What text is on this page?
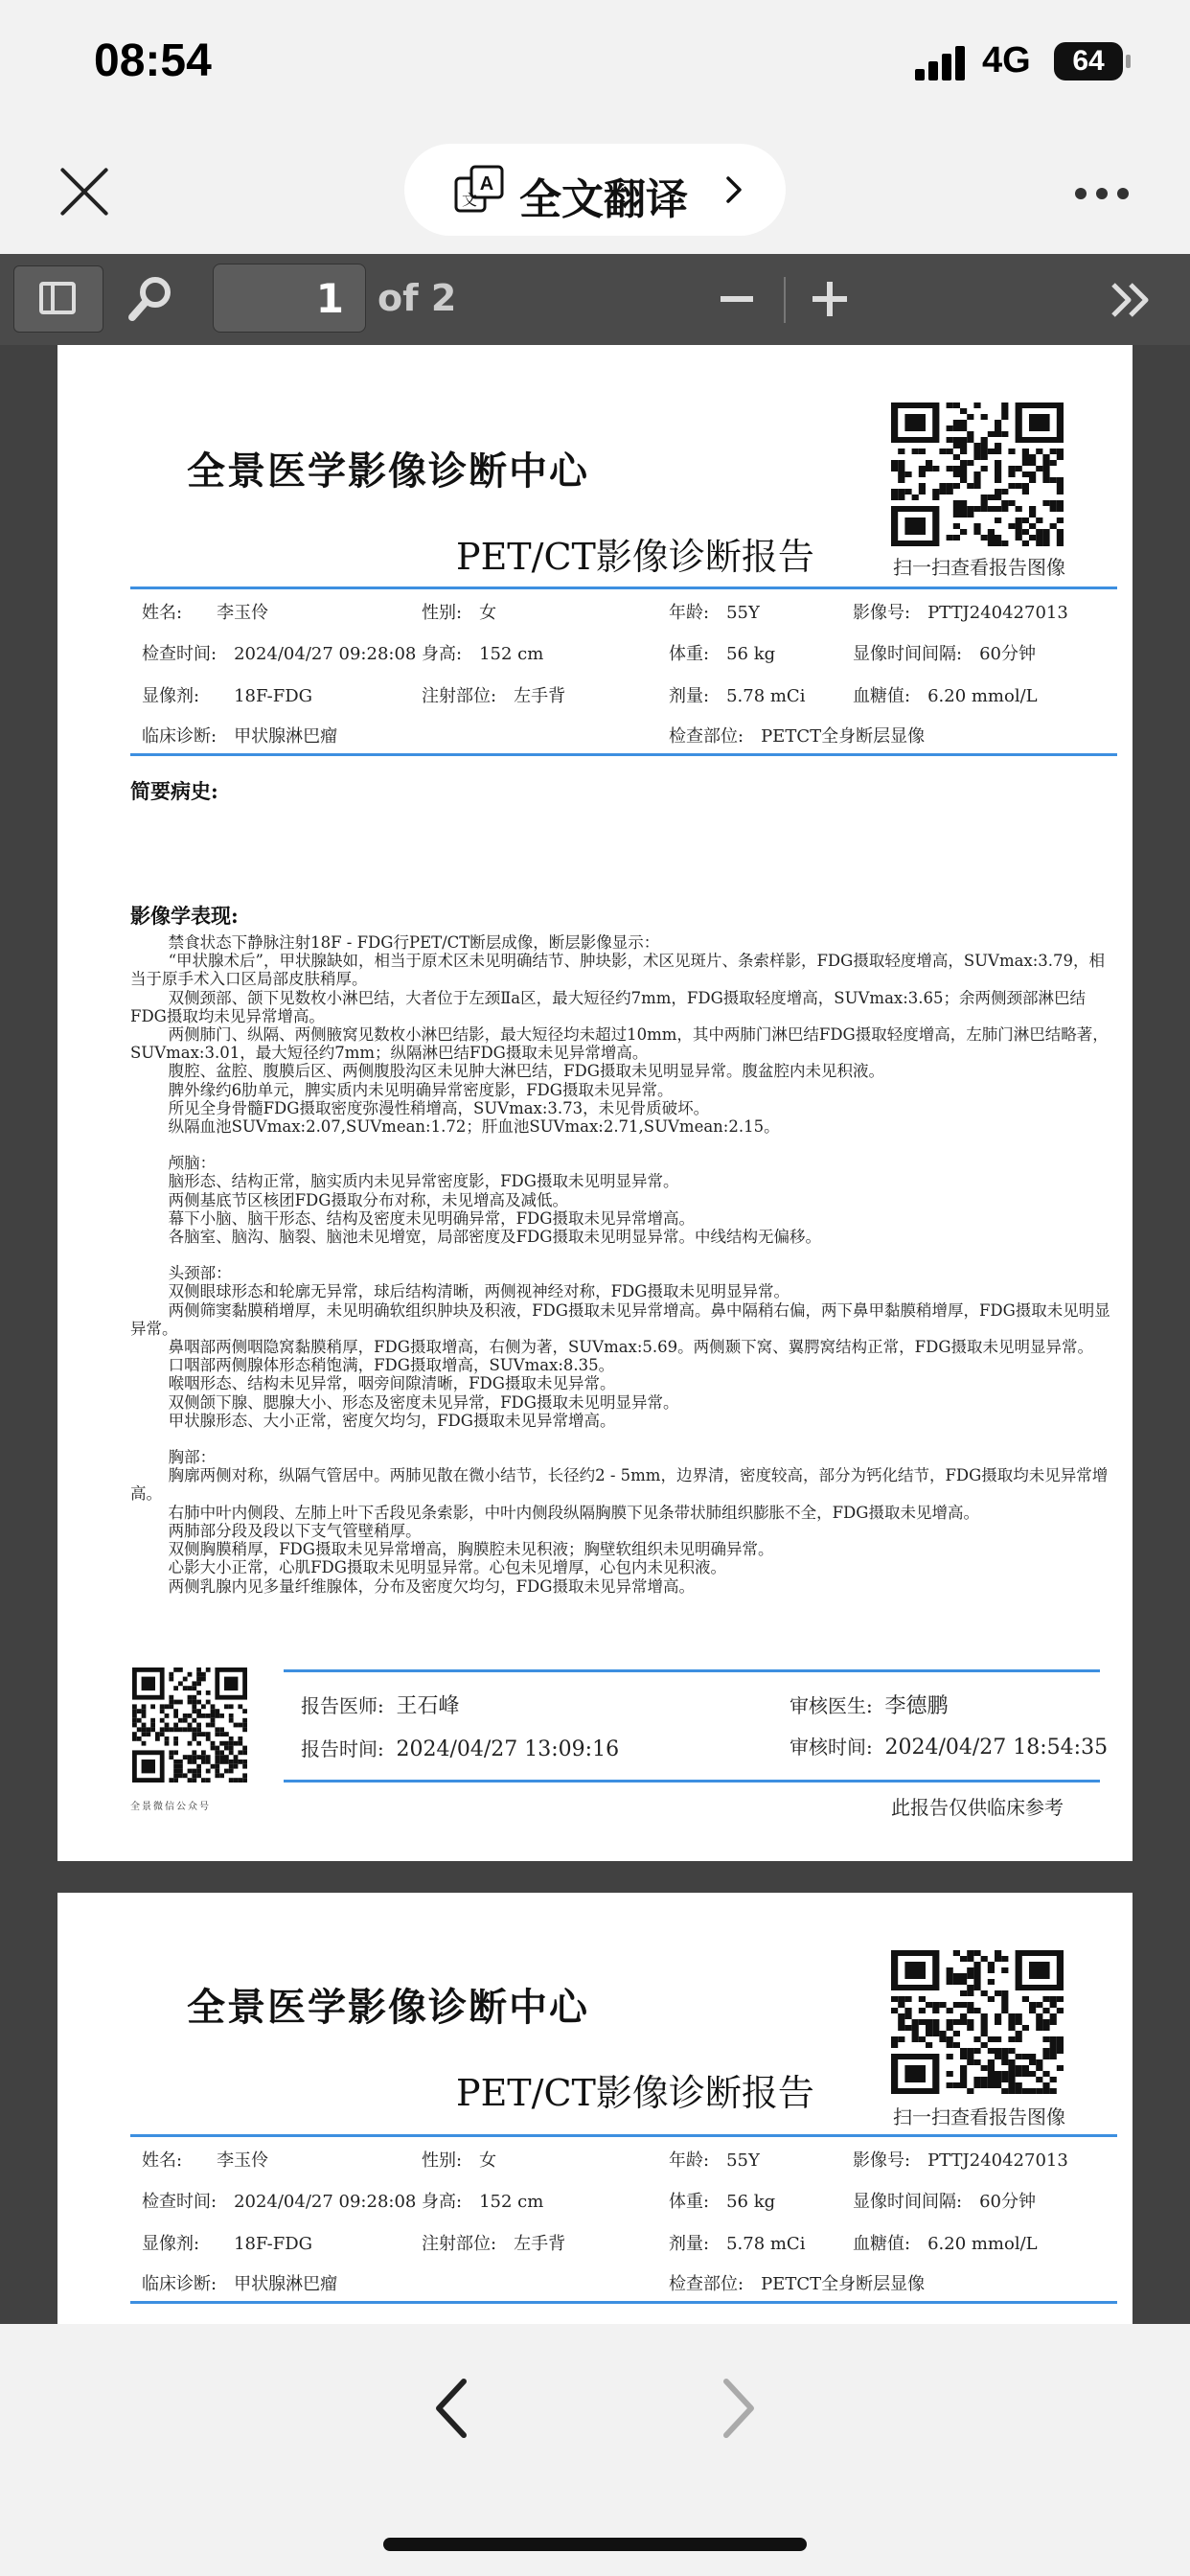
08:54	4G	64
A
文 全文翻译
1 of 2
全景医学影像诊断中心
PET/CT影像诊断报告	扫一扫查看报告图像
姓名:　　李玉伶	性别:　女	年龄:　55Y	影像号:　PTTJ240427013
检查时间:　2024/04/27 09:28:08 身高:　152 cm	体重:　56 kg	显像时间间隔:　60分钟
显像剂:　　18F-FDG	注射部位:　左手背	剂量:　5.78 mCi	血糖值:　6.20 mmol/L
临床诊断:　甲状腺淋巴瘤	检查部位:　PETCT全身断层显像
简要病史:
影像学表现:

禁食状态下静脉注射18F - FDG行PET/CT断层成像，断层影像显示：

“甲状腺术后”，甲状腺缺如，相当于原术区未见明确结节、肿块影，术区见斑片、条索样影，FDG摄取轻度增高，SUVmax:3.79，相当于原手术入口区局部皮肤稍厚。

双侧颈部、颌下见数枚小淋巴结，大者位于左颈Ⅱa区，最大短径约7mm，FDG摄取轻度增高，SUVmax:3.65；余两侧颈部淋巴结FDG摄取均未见异常增高。

两侧肺门、纵隔、两侧腋窝见数枚小淋巴结影，最大短径均未超过10mm，其中两肺门淋巴结FDG摄取轻度增高，左肺门淋巴结略著，SUVmax:3.01，最大短径约7mm；纵隔淋巴结FDG摄取未见异常增高。

腹腔、盆腔、腹膜后区、两侧腹股沟区未见肿大淋巴结，FDG摄取未见明显异常。腹盆腔内未见积液。

脾外缘约6肋单元，脾实质内未见明确异常密度影，FDG摄取未见异常。

所见全身骨髓FDG摄取密度弥漫性稍增高，SUVmax:3.73，未见骨质破坏。

纵隔血池SUVmax:2.07,SUVmean:1.72；肝血池SUVmax:2.71,SUVmean:2.15。

颅脑：

脑形态、结构正常，脑实质内未见异常密度影，FDG摄取未见明显异常。

两侧基底节区核团FDG摄取分布对称，未见增高及减低。

幕下小脑、脑干形态、结构及密度未见明确异常，FDG摄取未见异常增高。

各脑室、脑沟、脑裂、脑池未见增宽，局部密度及FDG摄取未见明显异常。中线结构无偏移。

头颈部：

双侧眼球形态和轮廓无异常，球后结构清晰，两侧视神经对称，FDG摄取未见明显异常。

两侧筛窦黏膜稍增厚，未见明确软组织肿块及积液，FDG摄取未见异常增高。鼻中隔稍右偏，两下鼻甲黏膜稍增厚，FDG摄取未见明显异常。

鼻咽部两侧咽隐窝黏膜稍厚，FDG摄取增高，右侧为著，SUVmax:5.69。两侧颞下窝、翼腭窝结构正常，FDG摄取未见明显异常。

口咽部两侧腺体形态稍饱满，FDG摄取增高，SUVmax:8.35。

喉咽形态、结构未见异常，咽旁间隙清晰，FDG摄取未见异常。

双侧颌下腺、腮腺大小、形态及密度未见异常，FDG摄取未见明显异常。

甲状腺形态、大小正常，密度欠均匀，FDG摄取未见异常增高。

胸部：

胸廓两侧对称，纵隔气管居中。两肺见散在微小结节，长径约2 - 5mm，边界清，密度较高，部分为钙化结节，FDG摄取均未见异常增高。

右肺中叶内侧段、左肺上叶下舌段见条索影，中叶内侧段纵隔胸膜下见条带状肺组织膨胀不全，FDG摄取未见增高。

两肺部分段及段以下支气管壁稍厚。

双侧胸膜稍厚，FDG摄取未见异常增高，胸膜腔未见积液；胸壁软组织未见明确异常。

心影大小正常，心肌FDG摄取未见明显异常。心包未见增厚，心包内未见积液。

两侧乳腺内见多量纤维腺体，分布及密度欠均匀，FDG摄取未见异常增高。

全景微信公众号
报告医师: 王石峰
报告时间: 2024/04/27 13:09:16
审核医生: 李德鹏
审核时间: 2024/04/27 18:54:35
此报告仅供临床参考
全景医学影像诊断中心
PET/CT影像诊断报告
扫一扫查看报告图像
姓名:　　李玉伶	性别:　女	年龄:　55Y	影像号:　PTTJ240427013
检查时间:　2024/04/27 09:28:08 身高:　152 cm	体重:　56 kg	显像时间间隔:　60分钟
显像剂:　　18F-FDG	注射部位:　左手背	剂量:　5.78 mCi	血糖值:　6.20 mmol/L
临床诊断:　甲状腺淋巴瘤	检查部位:　PETCT全身断层显像
